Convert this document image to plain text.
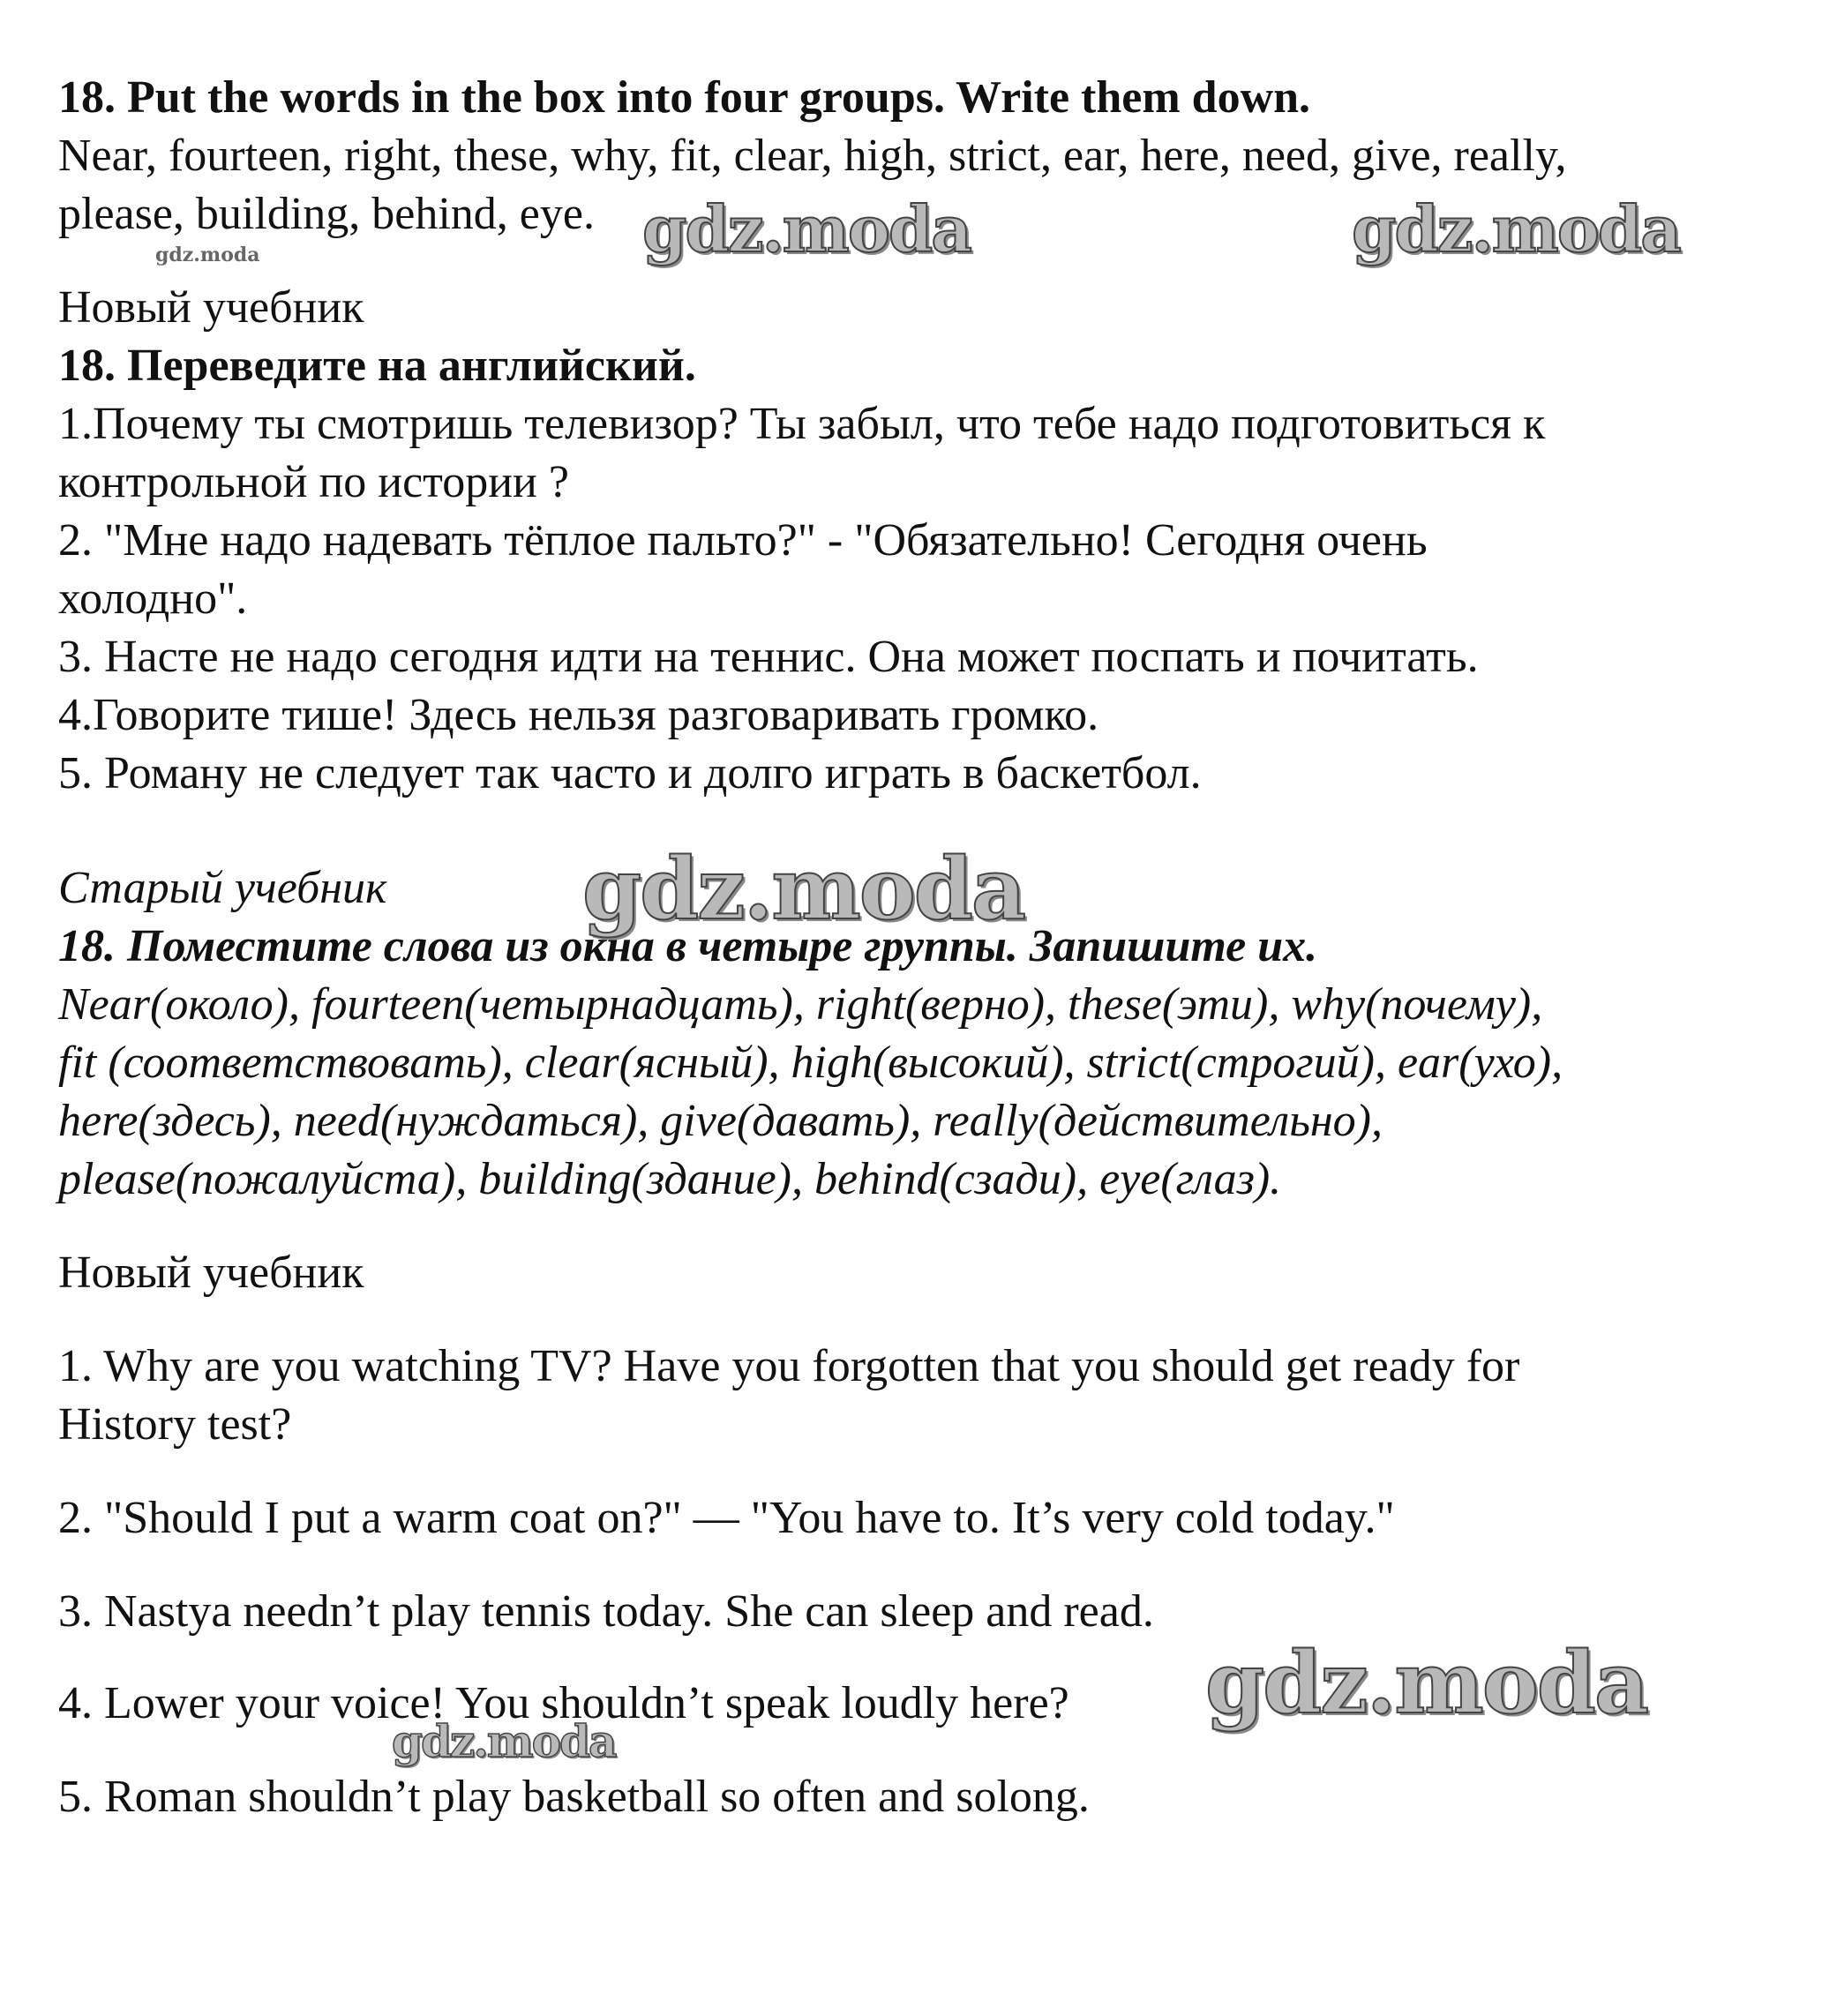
18. Put the words in the box into four groups. Write them down.
Near, fourteen, right, these, why, fit, clear, high, strict, ear, here, need, give, really,
please, building, behind, eye.
Новый учебник
18. Переведите на английский.
1.Почему ты смотришь телевизор? Ты забыл, что тебе надо подготовиться к
контрольной по истории ?
2. "Мне надо надевать тёплое пальто?" - "Обязательно! Сегодня очень
холодно".
3. Насте не надо сегодня идти на теннис. Она может поспать и почитать.
4.Говорите тише! Здесь нельзя разговаривать громко.
5. Роману не следует так часто и долго играть в баскетбол.
Старый учебник
18. Поместите слова из окна в четыре группы. Запишите их.
Near(около), fourteen(четырнадцать), right(верно), these(эти), why(почему),
fit (соответствовать), clear(ясный), high(высокий), strict(строгий), ear(ухо),
here(здесь), need(нуждаться), give(давать), really(действительно),
please(пожалуйста), building(здание), behind(сзади), eye(глаз).
Новый учебник
1. Why are you watching TV? Have you forgotten that you should get ready for
History test?
2. "Should I put a warm coat on?" — "You have to. It’s very cold today."
3. Nastya needn’t play tennis today. She can sleep and read.
4. Lower your voice! You shouldn’t speak loudly here?
5. Roman shouldn’t play basketball so often and solong.
gdz.moda	gdz.moda
gdz.moda
gdz.moda
gdz.moda
gdz.moda
